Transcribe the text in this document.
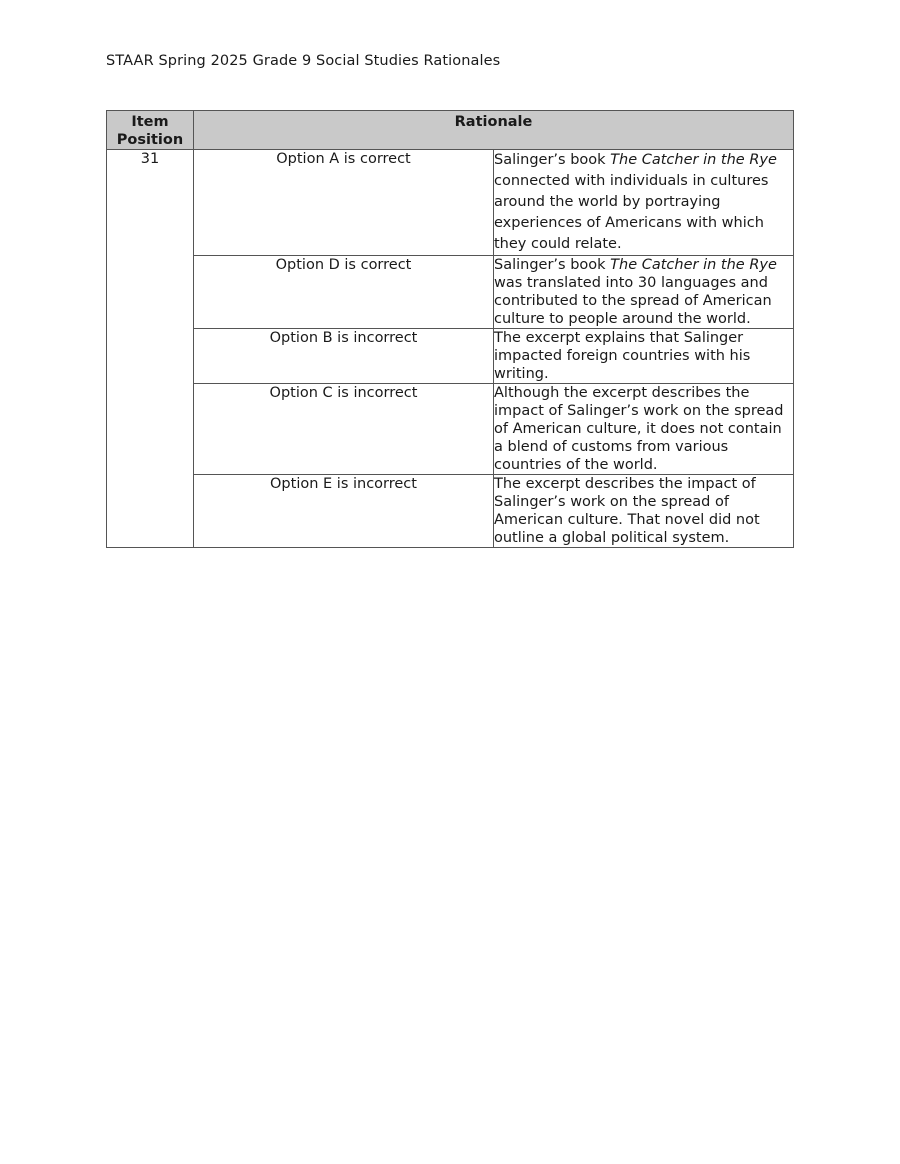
STAAR Spring 2025 Grade 9 Social Studies Rationales
Item
Position	Rationale	
31	Option A is correct	Salinger’s book The Catcher in the Rye connected with individuals in cultures around the world by portraying experiences of Americans with which they could relate.
	Option D is correct	Salinger’s book The Catcher in the Rye was translated into 30 languages and contributed to the spread of American culture to people around the world.
	Option B is incorrect	The excerpt explains that Salinger impacted foreign countries with his writing.
	Option C is incorrect	Although the excerpt describes the impact of Salinger’s work on the spread of American culture, it does not contain a blend of customs from various countries of the world.
	Option E is incorrect	The excerpt describes the impact of Salinger’s work on the spread of American culture. That novel did not outline a global political system.
